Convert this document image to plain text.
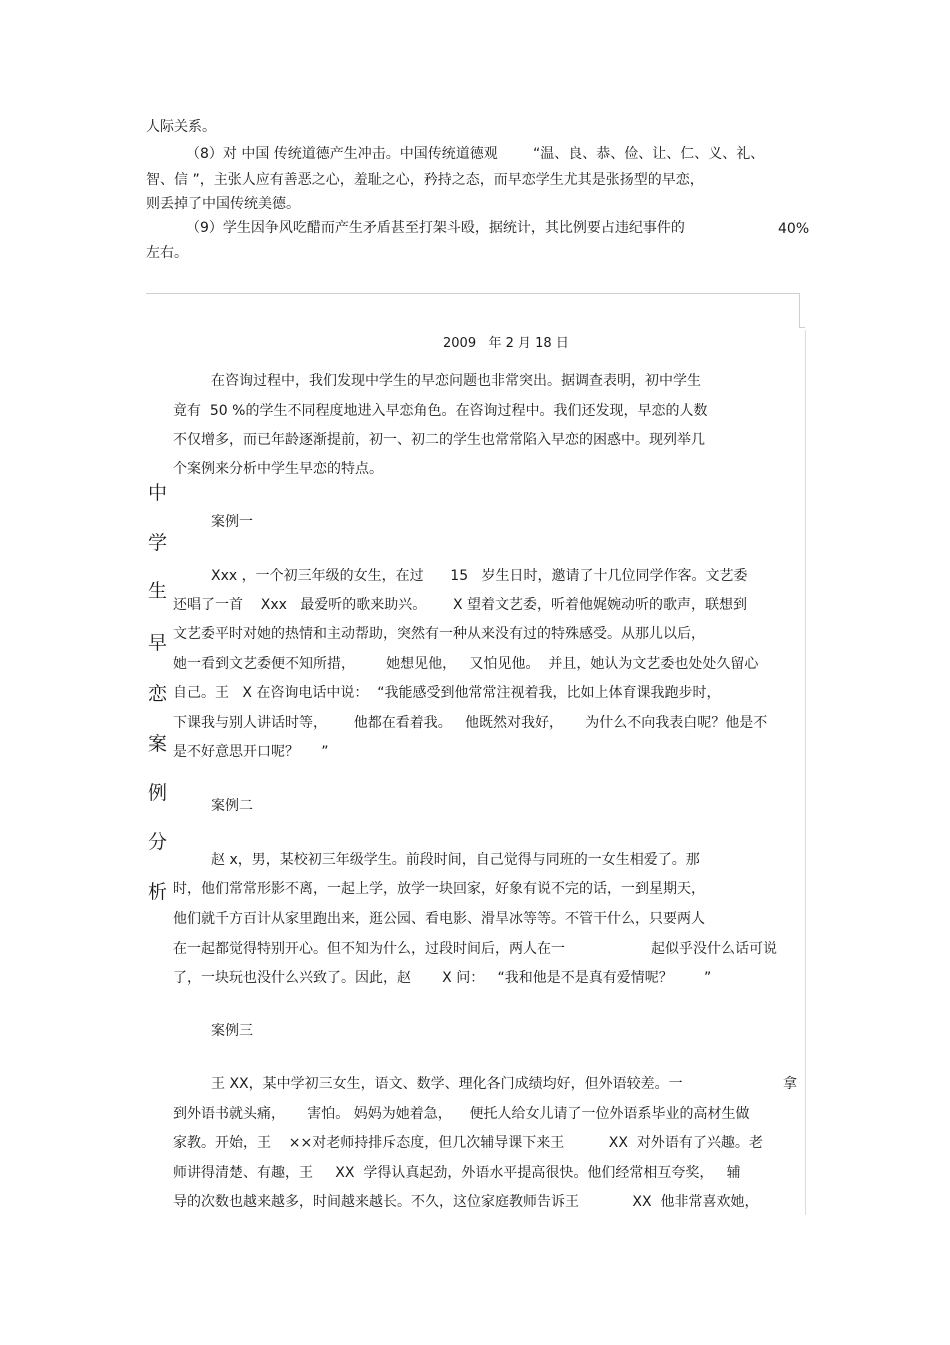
人际关系。
（8）对 中国 传统道德产生冲击。中国传统道德观	“温、良、恭、俭、让、仁、义、礼、
智、信 ”，主张人应有善恶之心，羞耻之心，矜持之态，而早恋学生尤其是张扬型的早恋，
则丢掉了中国传统美德。
（9）学生因争风吃醋而产生矛盾甚至打架斗殴，据统计，其比例要占违纪事件的	40%
左右。
2009   年 2 月 18 日
中
学
生
早
恋
案
例
分
析
在咨询过程中，我们发现中学生的早恋问题也非常突出。据调查表明，初中学生
竟有  50 %的学生不同程度地进入早恋角色。在咨询过程中。我们还发现，早恋的人数
不仅增多，而已年龄逐渐提前，初一、初二的学生也常常陷入早恋的困惑中。现列举几
个案例来分析中学生早恋的特点。
案例一
Xxx ，一个初三年级的女生，在过      15   岁生日时，邀请了十几位同学作客。文艺委
还唱了一首    Xxx   最爱听的歌来助兴。      X 望着文艺委，听着他娓婉动听的歌声，联想到
文艺委平时对她的热情和主动帮助，突然有一种从来没有过的特殊感受。从那儿以后，
她一看到文艺委便不知所措，       她想见他，   又怕见他。  并且，她认为文艺委也处处久留心
自己。王   X 在咨询电话中说：  “我能感受到他常常注视着我，比如上体育课我跑步时，
下课我与别人讲话时等，      他都在看着我。   他既然对我好，     为什么不向我表白呢？他是不
是不好意思开口呢？     ”
案例二
赵 x，男，某校初三年级学生。前段时间，自己觉得与同班的一女生相爱了。那
时，他们常常形影不离，一起上学，放学一块回家，好象有说不完的话，一到星期天，
他们就千方百计从家里跑出来，逛公园、看电影、滑旱冰等等。不管干什么，只要两人
在一起都觉得特别开心。但不知为什么，过段时间后，两人在一	起似乎没什么话可说
了，一块玩也没什么兴致了。因此，赵       X 问：   “我和他是不是真有爱情呢？       ”
案例三
王 XX，某中学初三女生，语文、数学、理化各门成绩均好，但外语较差。一	拿
到外语书就头痛，     害怕。 妈妈为她着急，    便托人给女儿请了一位外语系毕业的高材生做
家教。开始，王    ××对老师持排斥态度，但几次辅导课下来王          XX  对外语有了兴趣。老
师讲得清楚、有趣，王     XX  学得认真起劲，外语水平提高很快。他们经常相互夸奖，   辅
导的次数也越来越多，时间越来越长。不久，这位家庭教师告诉王            XX  他非常喜欢她，
